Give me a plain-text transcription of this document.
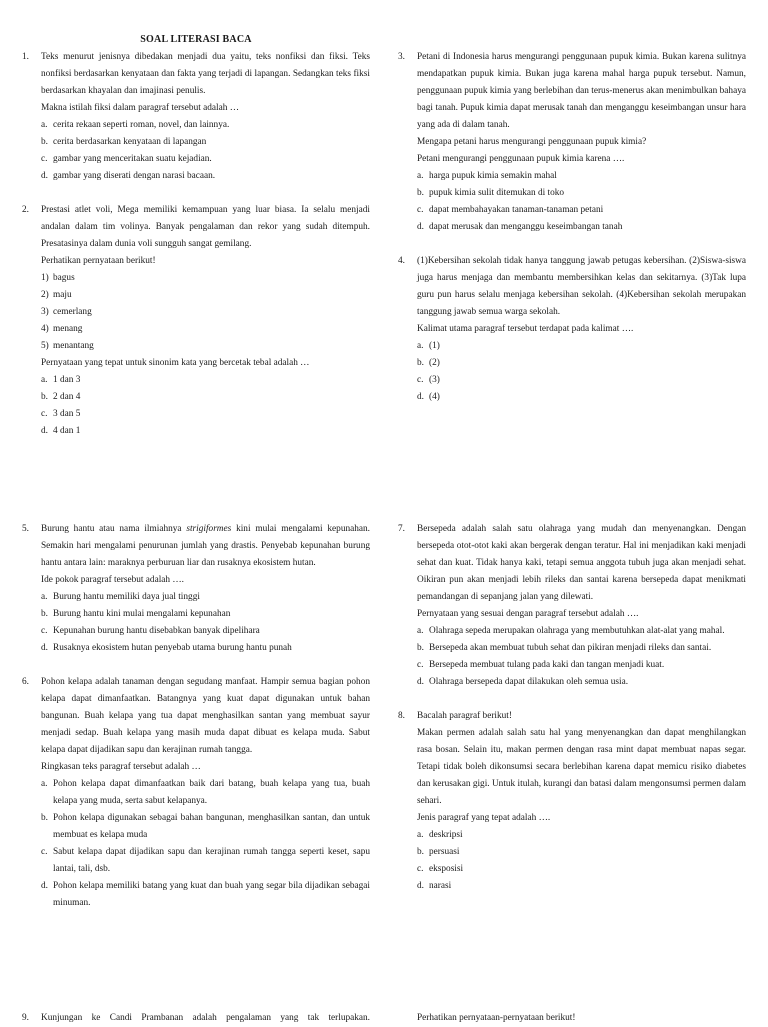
SOAL LITERASI BACA
1.	Teks menurut jenisnya dibedakan menjadi dua yaitu, teks nonfiksi dan fiksi. Teks nonfiksi berdasarkan kenyataan dan fakta yang terjadi di lapangan. Sedangkan teks fiksi berdasarkan khayalan dan imajinasi penulis.
Makna istilah fiksi dalam paragraf tersebut adalah …
a. cerita rekaan seperti roman, novel, dan lainnya.
b. cerita berdasarkan kenyataan di lapangan
c. gambar yang menceritakan suatu kejadian.
d. gambar yang diserati dengan narasi bacaan.
2.	Prestasi atlet voli, Mega memiliki kemampuan yang luar biasa. Ia selalu menjadi andalan dalam tim volinya. Banyak pengalaman dan rekor yang sudah ditempuh. Presatasinya dalam dunia voli sungguh sangat gemilang.
Perhatikan pernyataan berikut!
1) bagus
2) maju
3) cemerlang
4) menang
5) menantang
Pernyataan yang tepat untuk sinonim kata yang bercetak tebal adalah …
a. 1 dan 3
b. 2 dan 4
c. 3 dan 5
d. 4 dan 1
3.	Petani di Indonesia harus mengurangi penggunaan pupuk kimia. Bukan karena sulitnya mendapatkan pupuk kimia. Bukan juga karena mahal harga pupuk tersebut. Namun, penggunaan pupuk kimia yang berlebihan dan terus-menerus akan menimbulkan bahaya bagi tanah. Pupuk kimia dapat merusak tanah dan menganggu keseimbangan unsur hara yang ada di dalam tanah.
Mengapa petani harus mengurangi penggunaan pupuk kimia?
Petani mengurangi penggunaan pupuk kimia karena ….
a. harga pupuk kimia semakin mahal
b. pupuk kimia sulit ditemukan di toko
c. dapat membahayakan tanaman-tanaman petani
d. dapat merusak dan menganggu keseimbangan tanah
4.	(1)Kebersihan sekolah tidak hanya tanggung jawab petugas kebersihan. (2)Siswa-siswa juga harus menjaga dan membantu membersihkan kelas dan sekitarnya. (3)Tak lupa guru pun harus selalu menjaga kebersihan sekolah. (4)Kebersihan sekolah merupakan tanggung jawab semua warga sekolah.
Kalimat utama paragraf tersebut terdapat pada kalimat ….
a. (1)
b. (2)
c. (3)
d. (4)
5.	Burung hantu atau nama ilmiahnya strigiformes kini mulai mengalami kepunahan. Semakin hari mengalami penurunan jumlah yang drastis. Penyebab kepunahan burung hantu antara lain: maraknya perburuan liar dan rusaknya ekosistem hutan.
Ide pokok paragraf tersebut adalah ….
a. Burung hantu memiliki daya jual tinggi
b. Burung hantu kini mulai mengalami kepunahan
c. Kepunahan burung hantu disebabkan banyak dipelihara
d. Rusaknya ekosistem hutan penyebab utama burung hantu punah
6.	Pohon kelapa adalah tanaman dengan segudang manfaat. Hampir semua bagian pohon kelapa dapat dimanfaatkan. Batangnya yang kuat dapat digunakan untuk bahan bangunan. Buah kelapa yang tua dapat menghasilkan santan yang membuat sayur menjadi sedap. Buah kelapa yang masih muda dapat dibuat es kelapa muda. Sabut kelapa dapat dijadikan sapu dan kerajinan rumah tangga.
Ringkasan teks paragraf tersebut adalah …
a. Pohon kelapa dapat dimanfaatkan baik dari batang, buah kelapa yang tua, buah kelapa yang muda, serta sabut kelapanya.
b. Pohon kelapa digunakan sebagai bahan bangunan, menghasilkan santan, dan untuk membuat es kelapa muda
c. Sabut kelapa dapat dijadikan sapu dan kerajinan rumah tangga seperti keset, sapu lantai, tali, dsb.
d. Pohon kelapa memiliki batang yang kuat dan buah yang segar bila dijadikan sebagai minuman.
7.	Bersepeda adalah salah satu olahraga yang mudah dan menyenangkan. Dengan bersepeda otot-otot kaki akan bergerak dengan teratur. Hal ini menjadikan kaki menjadi sehat dan kuat. Tidak hanya kaki, tetapi semua anggota tubuh juga akan menjadi sehat. Oikiran pun akan menjadi lebih rileks dan santai karena bersepeda dapat menikmati pemandangan di sepanjang jalan yang dilewati.
Pernyataan yang sesuai dengan paragraf tersebut adalah ….
a. Olahraga sepeda merupakan olahraga yang membutuhkan alat-alat yang mahal.
b. Bersepeda akan membuat tubuh sehat dan pikiran menjadi rileks dan santai.
c. Bersepeda membuat tulang pada kaki dan tangan menjadi kuat.
d. Olahraga bersepeda dapat dilakukan oleh semua usia.
8.	Bacalah paragraf berikut!
Makan permen adalah salah satu hal yang menyenangkan dan dapat menghilangkan rasa bosan. Selain itu, makan permen dengan rasa mint dapat membuat napas segar. Tetapi tidak boleh dikonsumsi secara berlebihan karena dapat memicu risiko diabetes dan kerusakan gigi. Untuk itulah, kurangi dan batasi dalam mengonsumsi permen dalam sehari.
Jenis paragraf yang tepat adalah ….
a. deskripsi
b. persuasi
c. eksposisi
d. narasi
9.	Kunjungan ke Candi Prambanan adalah pengalaman yang tak terlupakan.	Perhatikan pernyataan-pernyataan berikut!
